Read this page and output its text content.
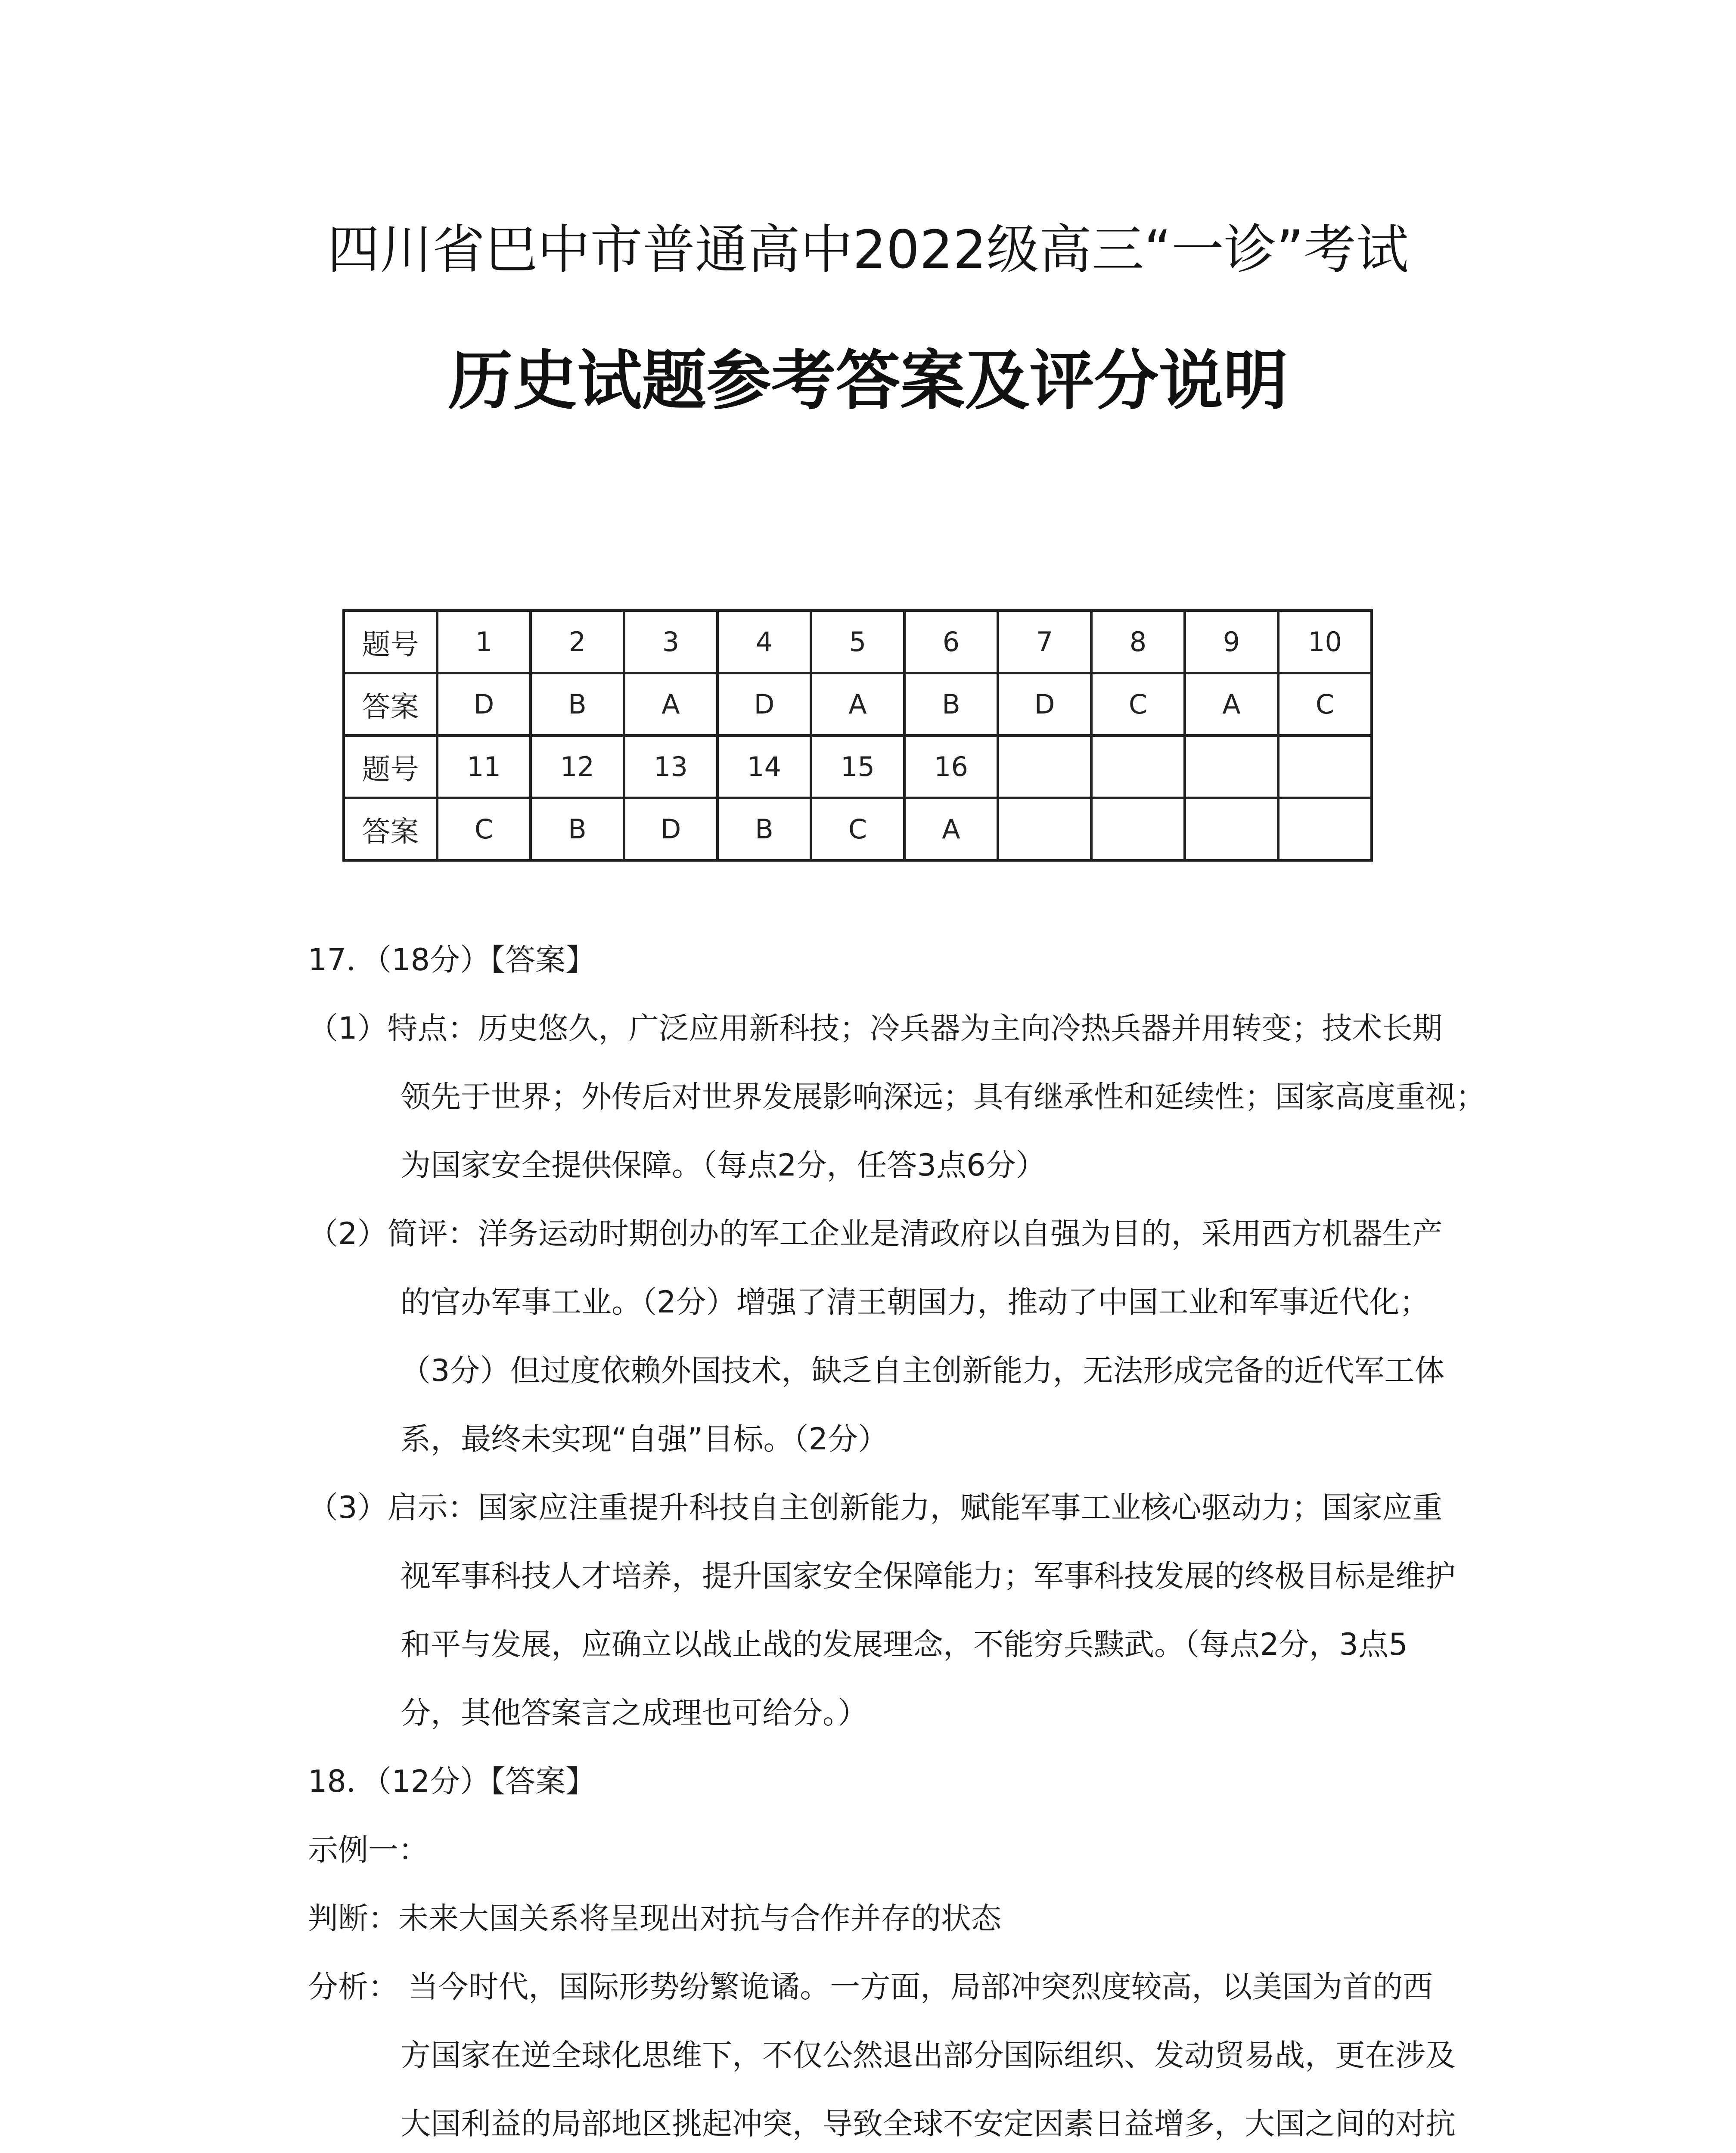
四川省巴中市普通高中2022级高三“一诊”考试
历史试题参考答案及评分说明
题号	1	2	3	4	5	6	7	8	9	10
答案	D	B	A	D	A	B	D	C	A	C
题号	11	12	13	14	15	16				
答案	C	B	D	B	C	A				
17．（18分）【答案】
（1）特点：历史悠久，广泛应用新科技；冷兵器为主向冷热兵器并用转变；技术长期
领先于世界；外传后对世界发展影响深远；具有继承性和延续性；国家高度重视；
为国家安全提供保障。（每点2分，任答3点6分）
（2）简评：洋务运动时期创办的军工企业是清政府以自强为目的，采用西方机器生产
的官办军事工业。（2分）增强了清王朝国力，推动了中国工业和军事近代化；
（3分）但过度依赖外国技术，缺乏自主创新能力，无法形成完备的近代军工体
系，最终未实现“自强”目标。（2分）
（3）启示：国家应注重提升科技自主创新能力，赋能军事工业核心驱动力；国家应重
视军事科技人才培养，提升国家安全保障能力；军事科技发展的终极目标是维护
和平与发展，应确立以战止战的发展理念，不能穷兵黩武。（每点2分，3点5
分，其他答案言之成理也可给分。）
18．（12分）【答案】
示例一：
判断：未来大国关系将呈现出对抗与合作并存的状态
分析： 当今时代，国际形势纷繁诡谲。一方面，局部冲突烈度较高，以美国为首的西
方国家在逆全球化思维下，不仅公然退出部分国际组织、发动贸易战，更在涉及
大国利益的局部地区挑起冲突，导致全球不安定因素日益增多，大国之间的对抗
